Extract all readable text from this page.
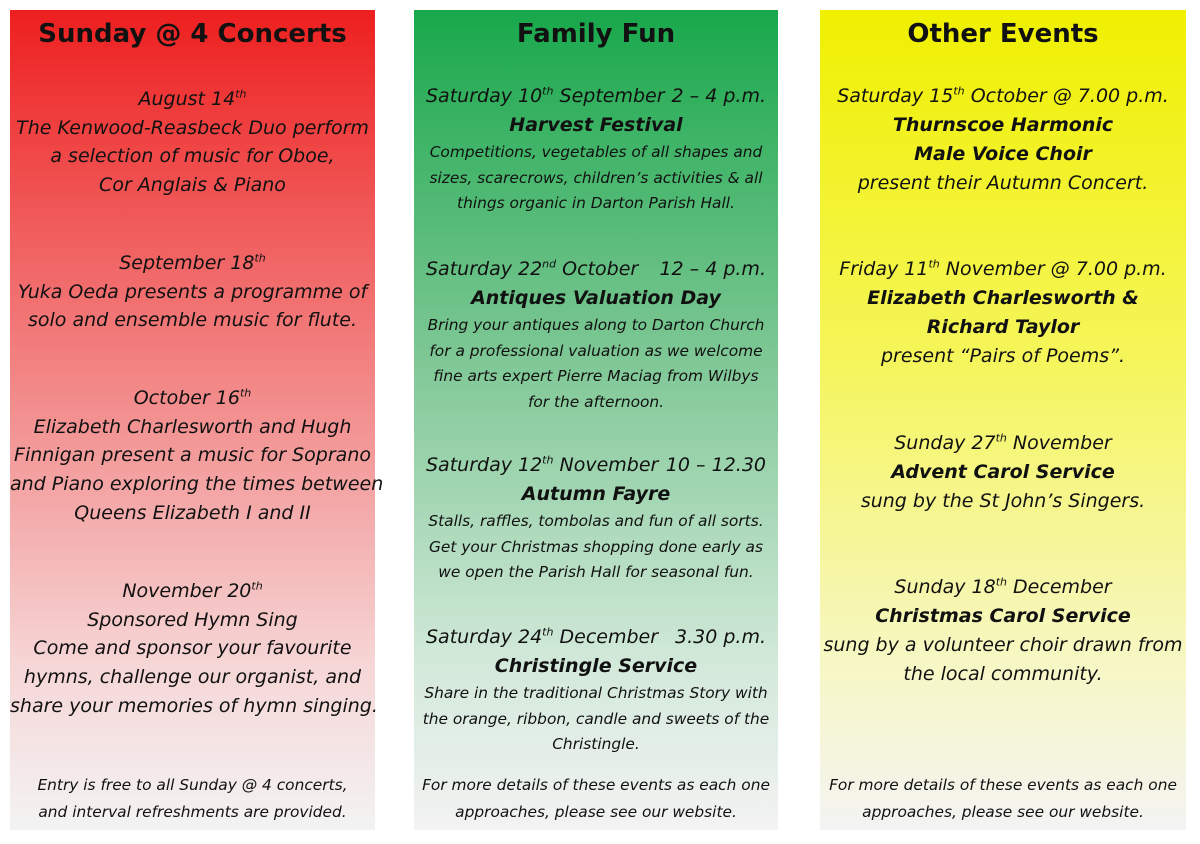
Sunday @ 4 Concerts
August 14th
The Kenwood-Reasbeck Duo perform
a selection of music for Oboe,
Cor Anglais & Piano
September 18th
Yuka Oeda presents a programme of
solo and ensemble music for flute.
October 16th
Elizabeth Charlesworth and Hugh
Finnigan present a music for Soprano
and Piano exploring the times between
Queens Elizabeth I and II
November 20th
Sponsored Hymn Sing
Come and sponsor your favourite
hymns, challenge our organist, and
share your memories of hymn singing.
Entry is free to all Sunday @ 4 concerts,
and interval refreshments are provided.
Family Fun
Saturday 10th September 2 – 4 p.m.
Harvest Festival
Competitions, vegetables of all shapes and
sizes, scarecrows, children’s activities & all
things organic in Darton Parish Hall.
Saturday 22nd October 12 – 4 p.m.
Antiques Valuation Day
Bring your antiques along to Darton Church
for a professional valuation as we welcome
fine arts expert Pierre Maciag from Wilbys
for the afternoon.
Saturday 12th November 10 – 12.30
Autumn Fayre
Stalls, raffles, tombolas and fun of all sorts.
Get your Christmas shopping done early as
we open the Parish Hall for seasonal fun.
Saturday 24th December 3.30 p.m.
Christingle Service
Share in the traditional Christmas Story with
the orange, ribbon, candle and sweets of the
Christingle.
For more details of these events as each one
approaches, please see our website.
Other Events
Saturday 15th October @ 7.00 p.m.
Thurnscoe Harmonic
Male Voice Choir
present their Autumn Concert.
Friday 11th November @ 7.00 p.m.
Elizabeth Charlesworth &
Richard Taylor
present “Pairs of Poems”.
Sunday 27th November
Advent Carol Service
sung by the St John’s Singers.
Sunday 18th December
Christmas Carol Service
sung by a volunteer choir drawn from
the local community.
For more details of these events as each one
approaches, please see our website.
